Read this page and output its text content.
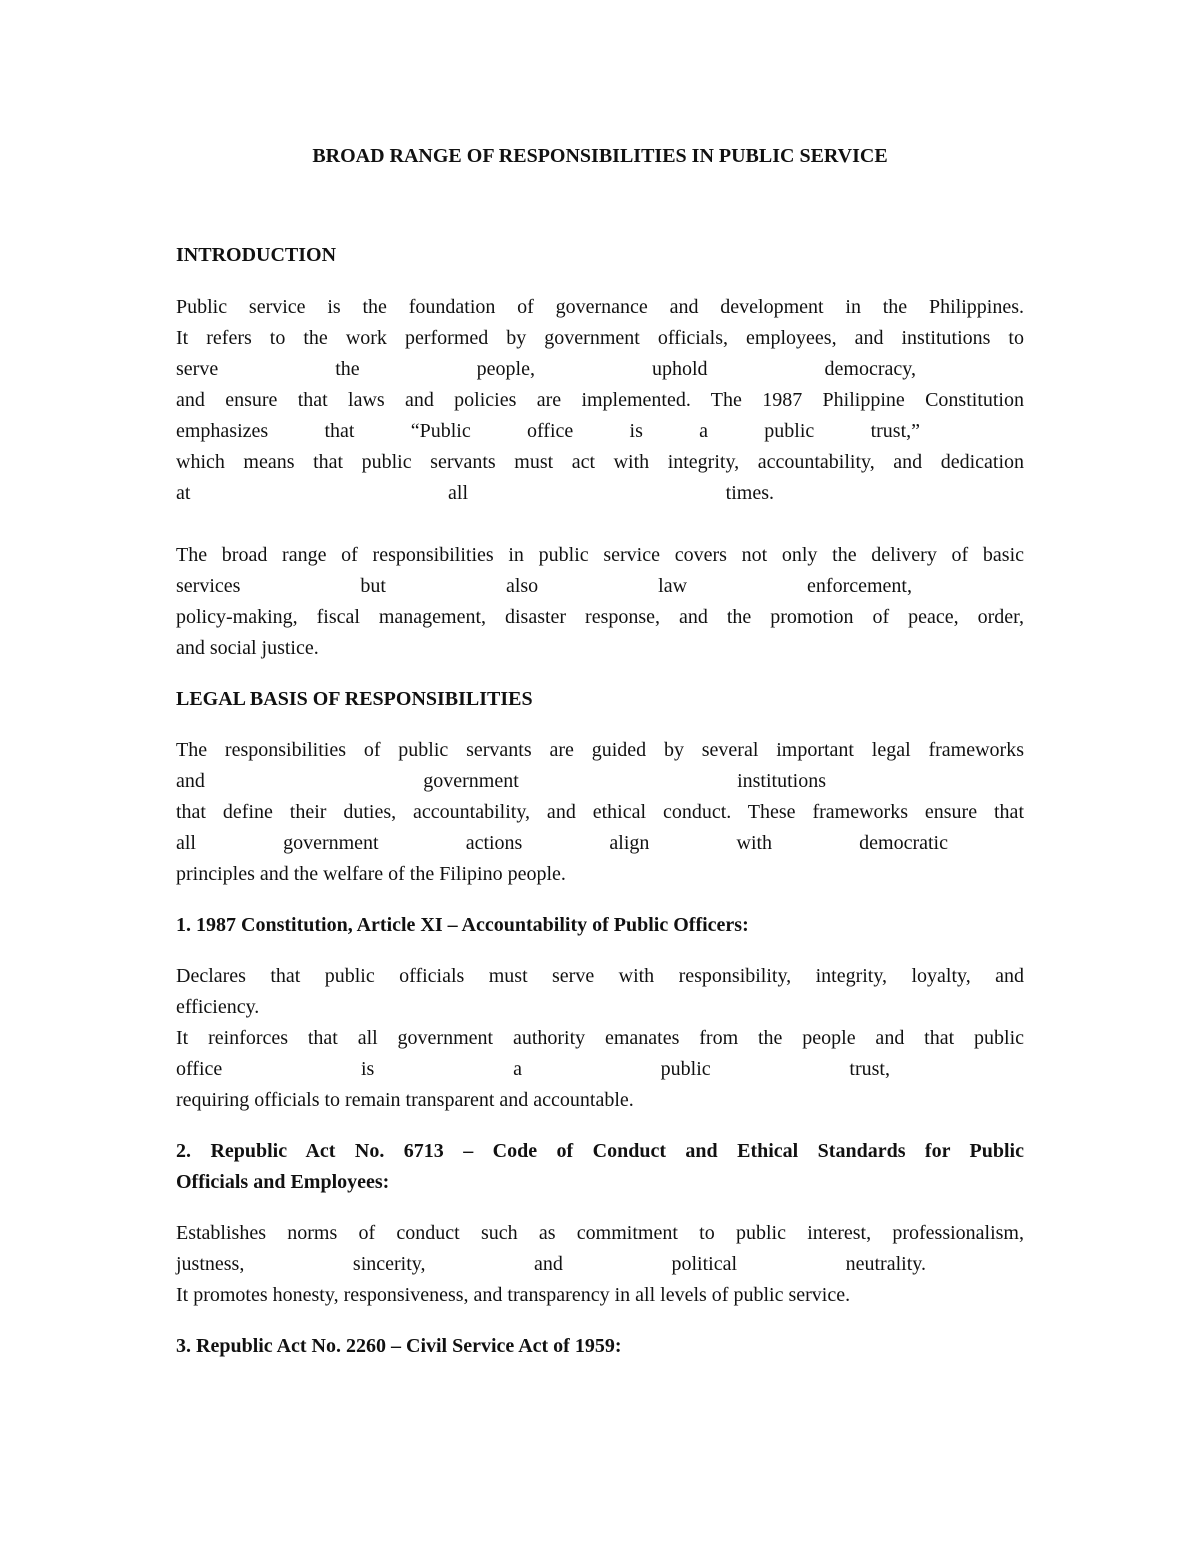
BROAD RANGE OF RESPONSIBILITIES IN PUBLIC SERVICE
INTRODUCTION

Public service is the foundation of governance and development in the Philippines.

It refers to the work performed by government officials, employees, and institutions to

serve	the	people,	uphold	democracy,

and ensure that laws and policies are implemented. The 1987 Philippine Constitution

emphasizes	that	“Public	office	is	a	public	trust,”

which means that public servants must act with integrity, accountability, and dedication

at	all	times.

The broad range of responsibilities in public service covers not only the delivery of basic

services	but	also	law	enforcement,

policy-making, fiscal management, disaster response, and the promotion of peace, order,

and social justice.

LEGAL BASIS OF RESPONSIBILITIES

The responsibilities of public servants are guided by several important legal frameworks

and	government	institutions

that define their duties, accountability, and ethical conduct. These frameworks ensure that

all	government	actions	align	with	democratic

principles and the welfare of the Filipino people.

1. 1987 Constitution, Article XI – Accountability of Public Officers:

Declares that public officials must serve with responsibility, integrity, loyalty, and

efficiency.

It reinforces that all government authority emanates from the people and that public

office	is	a	public	trust,

requiring officials to remain transparent and accountable.

2. Republic Act No. 6713 – Code of Conduct and Ethical Standards for Public
Officials and Employees:

Establishes norms of conduct such as commitment to public interest, professionalism,

justness,	sincerity,	and	political	neutrality.

It promotes honesty, responsiveness, and transparency in all levels of public service.

3. Republic Act No. 2260 – Civil Service Act of 1959:
